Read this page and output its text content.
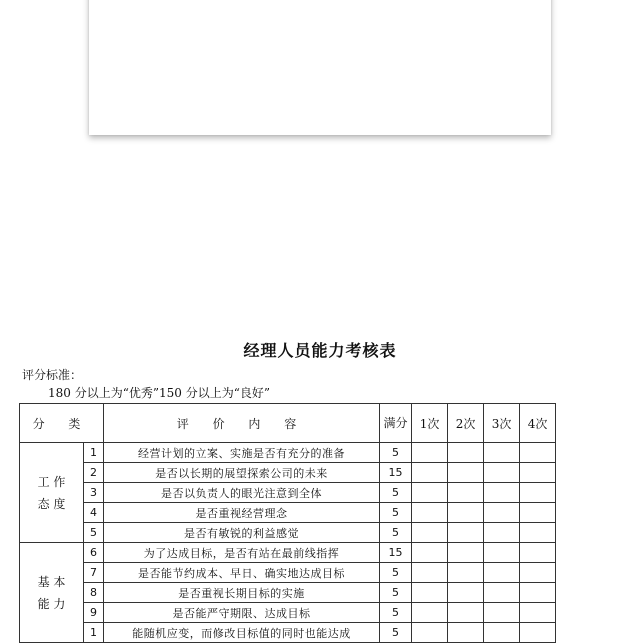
经理人员能力考核表
评分标准：
180 分以上为“优秀”150 分以上为“良好”
分 类		评 价 内 容	满分	1次	2次	3次	4次

工 作
态 度	1	经营计划的立案、实施是否有充分的准备	5				
	2	是否以长期的展望探索公司的未来	15				
	3	是否以负责人的眼光注意到全体	5				
	4	是否重视经营理念	5				
	5	是否有敏锐的利益感觉	5				

基 本
能 力	6	为了达成目标，是否有站在最前线指挥	15				
	7	是否能节约成本、早日、确实地达成目标	5				
	8	是否重视长期目标的实施	5				
	9	是否能严守期限、达成目标	5				
	1	能随机应变，而修改目标值的同时也能达成	5				
